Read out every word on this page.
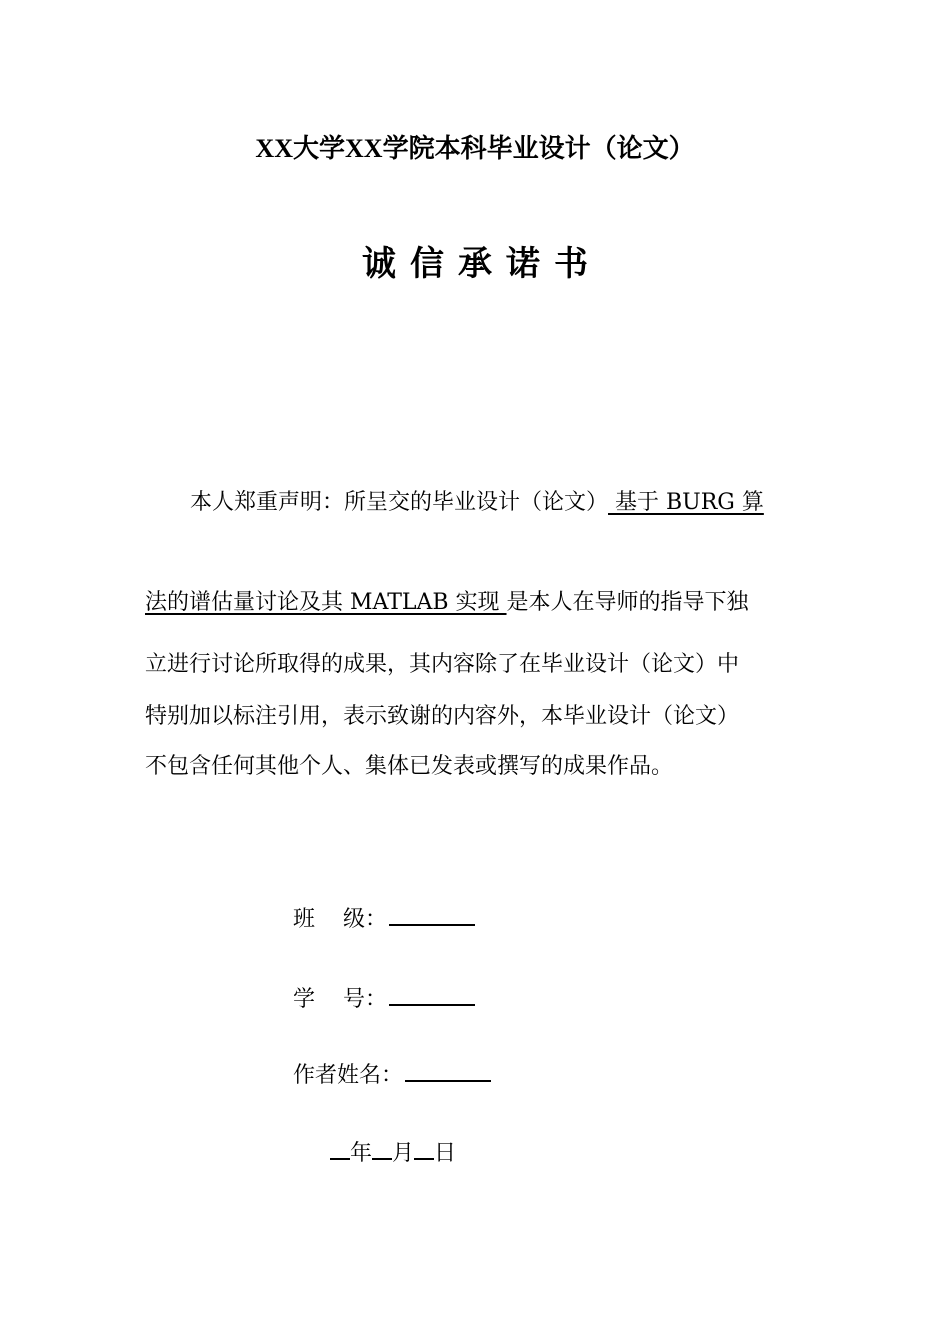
XX大学XX学院本科毕业设计（论文）
诚信承诺书
本人郑重声明：所呈交的毕业设计（论文） 基于 BURG 算
法的谱估量讨论及其 MATLAB 实现 是本人在导师的指导下独
立进行讨论所取得的成果，其内容除了在毕业设计（论文）中
特别加以标注引用，表示致谢的内容外，本毕业设计（论文）
不包含任何其他个人、集体已发表或撰写的成果作品。
班    级：
学    号：
作者姓名：
年 月 日
